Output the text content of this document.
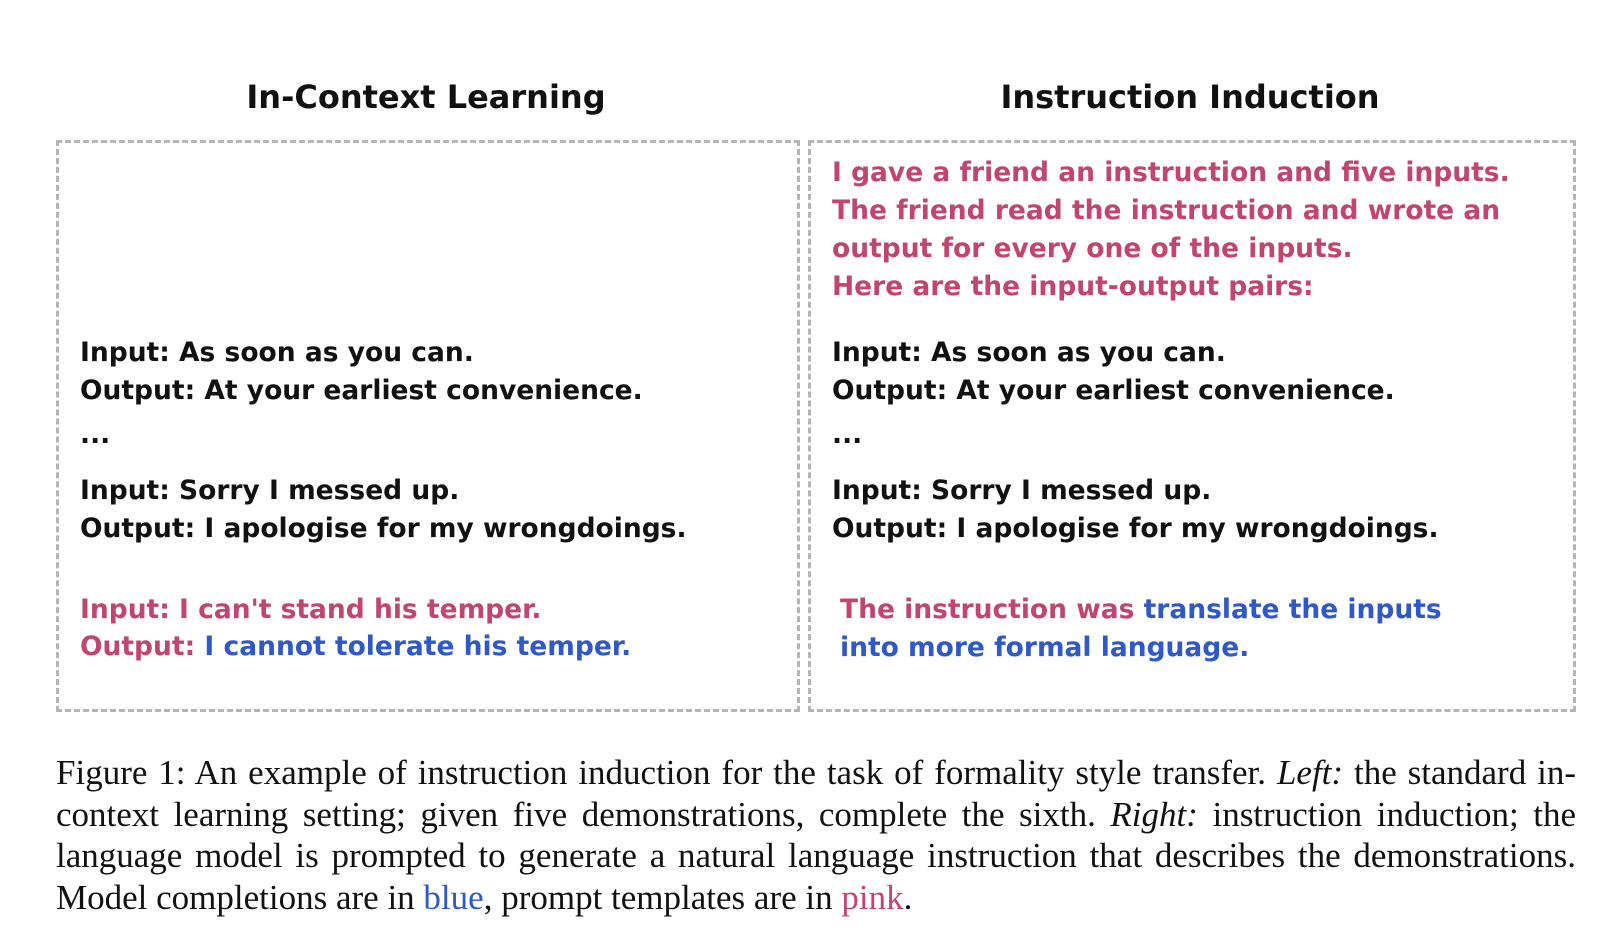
In-Context Learning	Instruction Induction
Input: As soon as you can.
Output: At your earliest convenience.
...
Input: Sorry I messed up.
Output: I apologise for my wrongdoings.
Input: I can't stand his temper.
Output: I cannot tolerate his temper.
I gave a friend an instruction and five inputs.
The friend read the instruction and wrote an
output for every one of the inputs.
Here are the input-output pairs:
Input: As soon as you can.
Output: At your earliest convenience.
...
Input: Sorry I messed up.
Output: I apologise for my wrongdoings.
The instruction was translate the inputs
into more formal language.
Figure 1: An example of instruction induction for the task of formality style transfer. Left: the standard in-context learning setting; given five demonstrations, complete the sixth. Right: instruction induction; the language model is prompted to generate a natural language instruction that describes the demonstrations. Model completions are in blue, prompt templates are in pink.
